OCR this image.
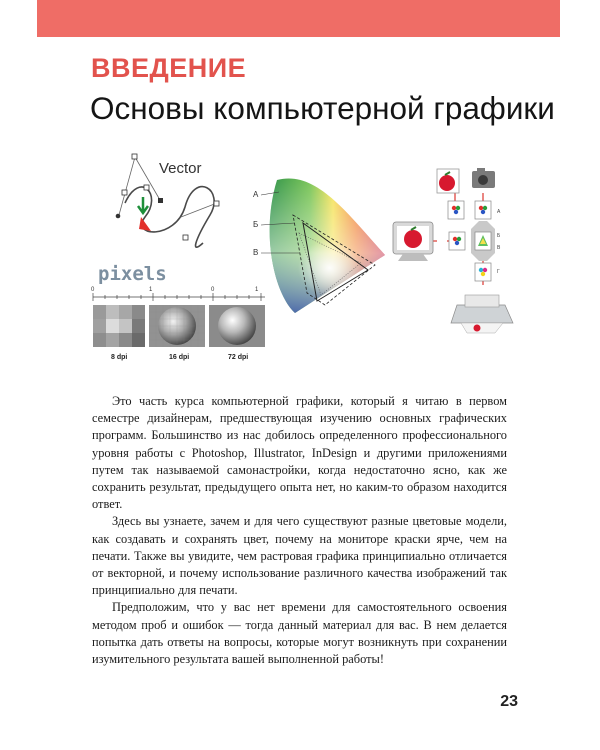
ВВЕДЕНИЕ
Основы компьютерной графики
Vector
pixels
0	1	0	1
8 dpi	16 dpi	72 dpi
А
Б
В
А
Б
В
Г

Это часть курса компьютерной графики, который я читаю в первом семестре дизайнерам, предшествующая изучению основных графических программ. Большинство из нас добилось определенного профессионального уровня работы с Photoshop, Illustrator, InDesign и другими приложениями путем так называемой самонастройки, когда недостаточно ясно, как же сохранить результат, предыдущего опыта нет, но каким-то образом находится ответ.

Здесь вы узнаете, зачем и для чего существуют разные цветовые модели, как создавать и сохранять цвет, почему на мониторе краски ярче, чем на печати. Также вы увидите, чем растровая графика принципиально отличается от векторной, и почему использование различного качества изображений так принципиально для печати.

Предположим, что у вас нет времени для самостоятельного освоения методом проб и ошибок — тогда данный материал для вас. В нем делается попытка дать ответы на вопросы, которые могут возникнуть при сохранении изумительного результата вашей выполненной работы!

23
